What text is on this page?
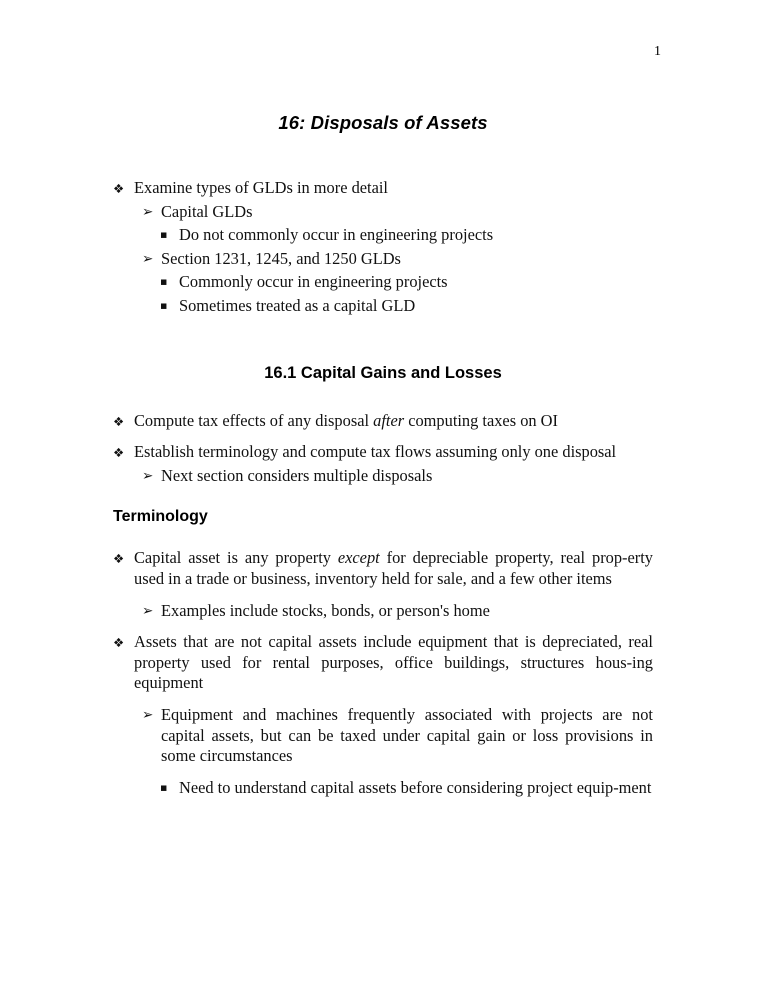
1
16: Disposals of Assets
❖ Examine types of GLDs in more detail
➢ Capital GLDs
▪ Do not commonly occur in engineering projects
➢ Section 1231, 1245, and 1250 GLDs
▪ Commonly occur in engineering projects
▪ Sometimes treated as a capital GLD
16.1 Capital Gains and Losses
❖ Compute tax effects of any disposal after computing taxes on OI
❖ Establish terminology and compute tax flows assuming only one disposal
➢ Next section considers multiple disposals
Terminology
❖ Capital asset is any property except for depreciable property, real prop-erty used in a trade or business, inventory held for sale, and a few other items
➢ Examples include stocks, bonds, or person's home
❖ Assets that are not capital assets include equipment that is depreciated, real property used for rental purposes, office buildings, structures hous-ing equipment
➢ Equipment and machines frequently associated with projects are not capital assets, but can be taxed under capital gain or loss provisions in some circumstances
▪ Need to understand capital assets before considering project equip-ment
